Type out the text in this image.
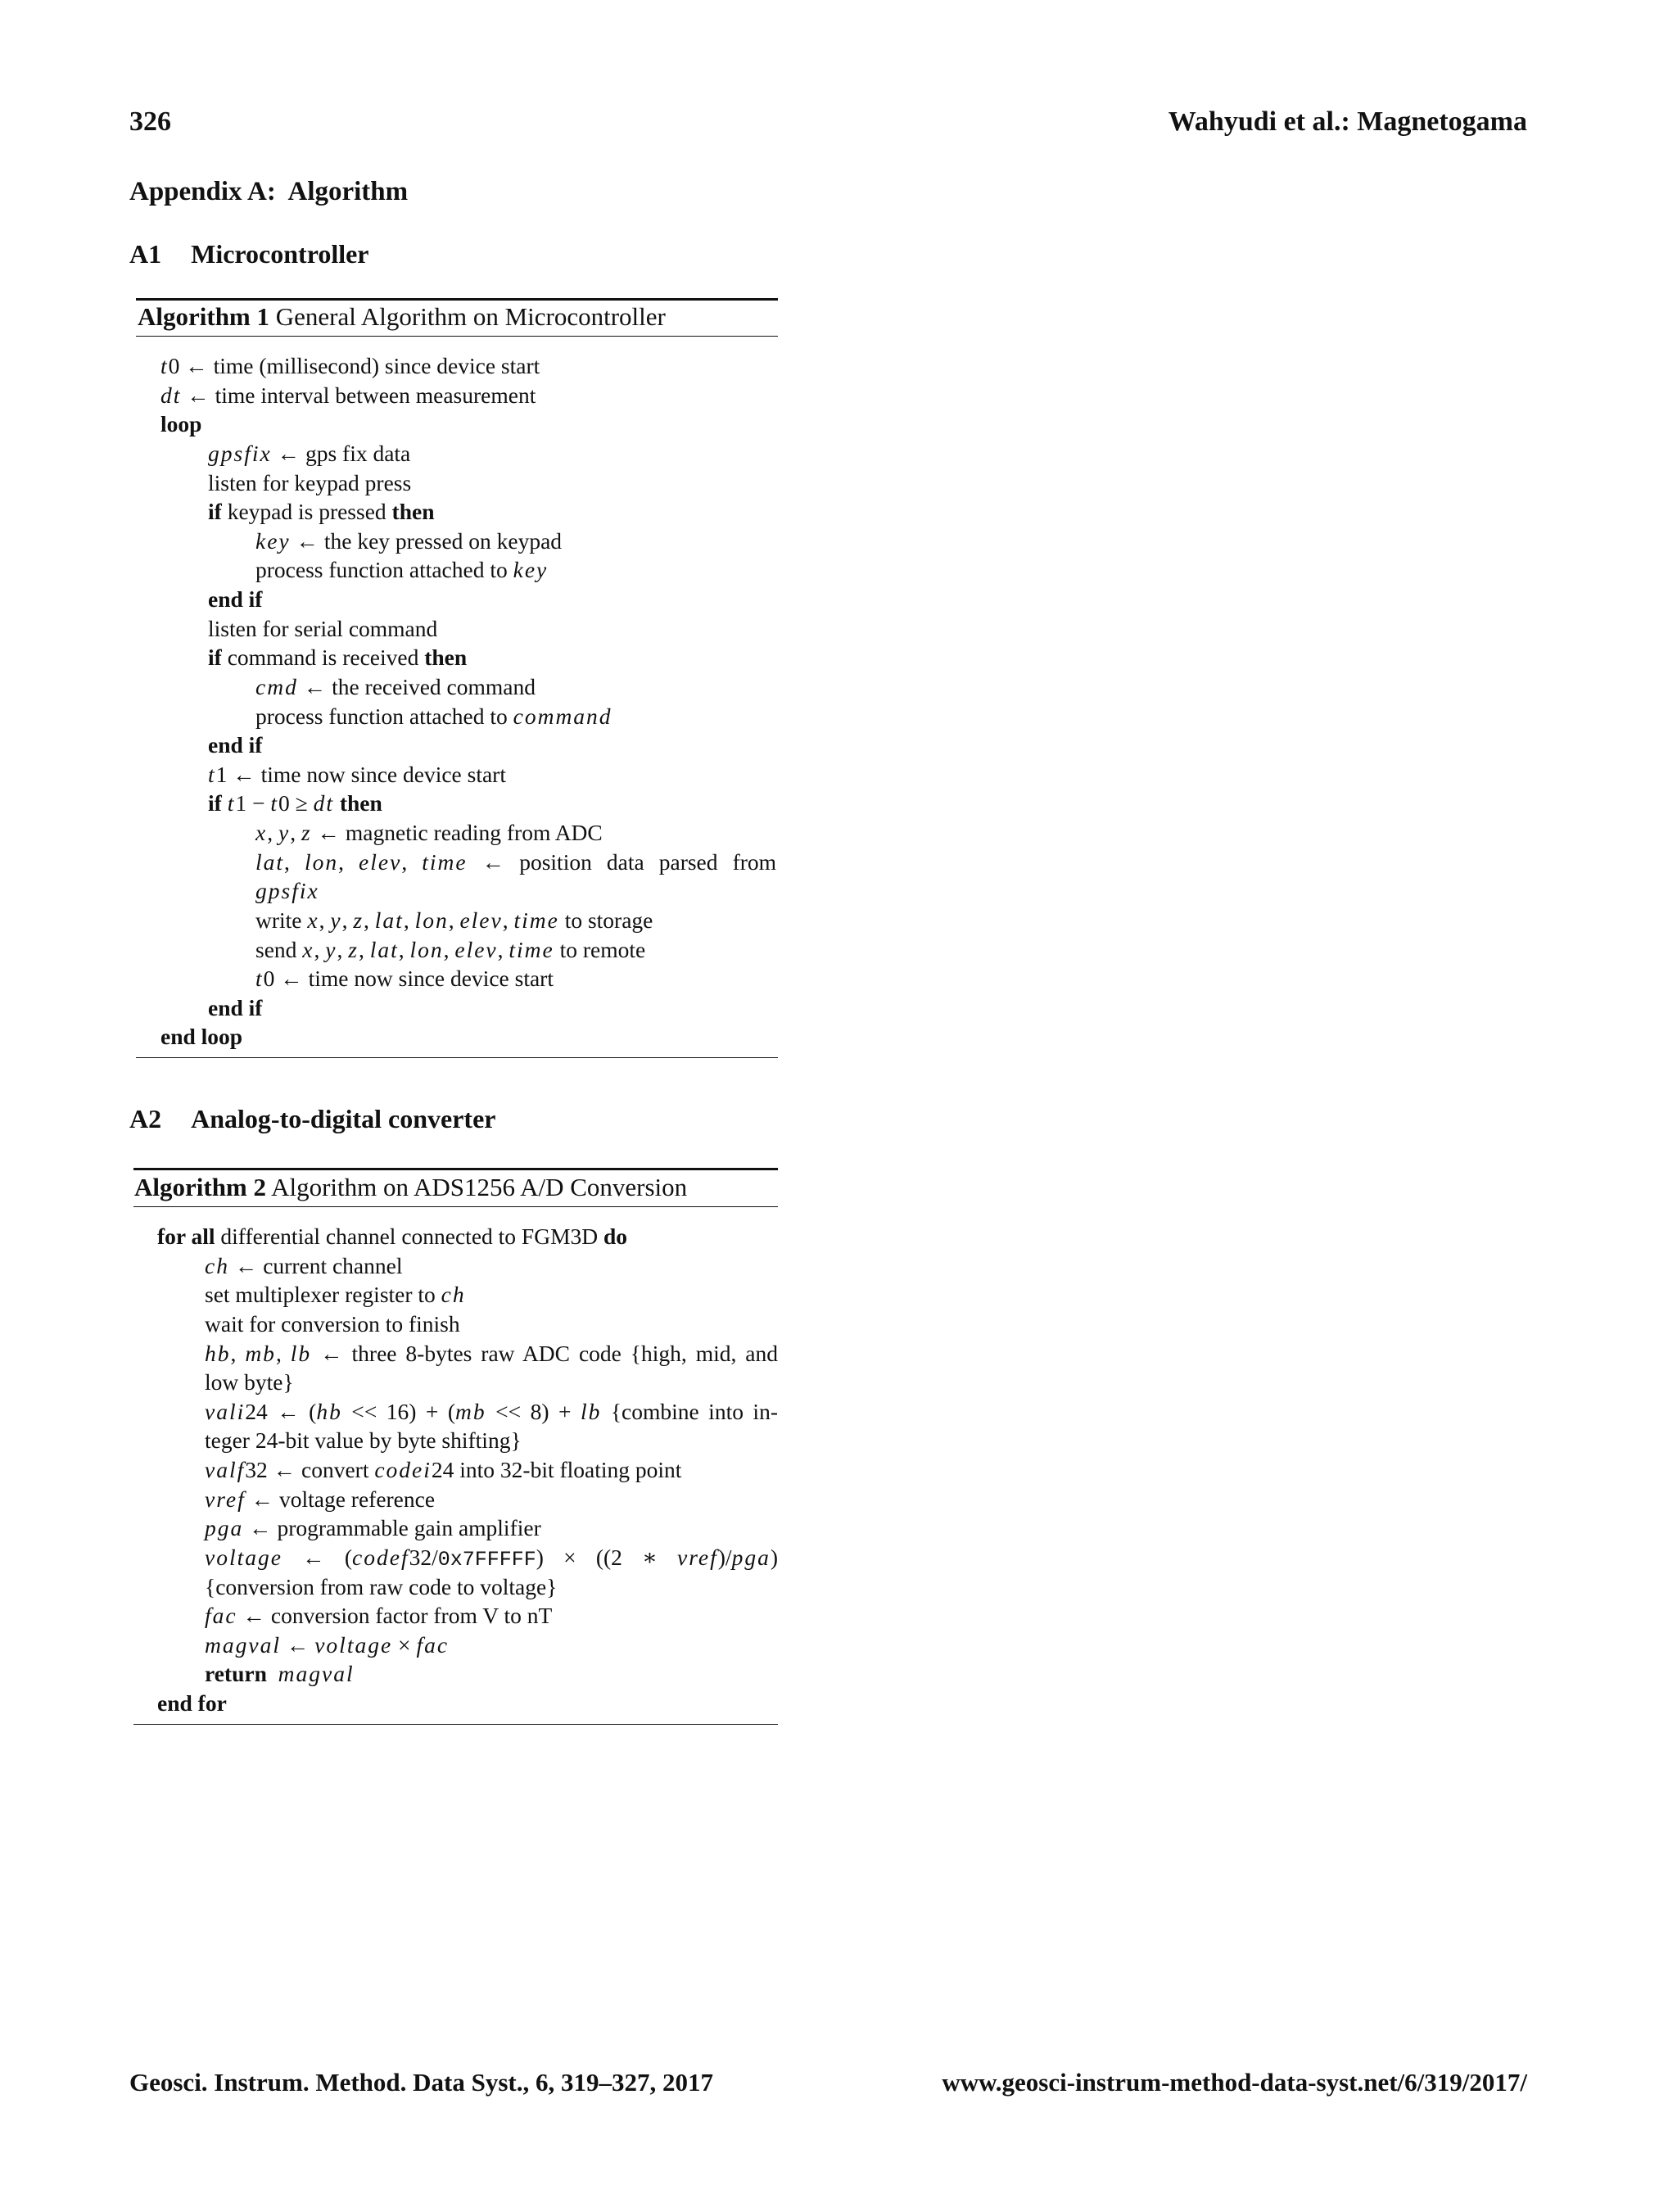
326	Wahyudi et al.: Magnetogama
Appendix A:  Algorithm
A1 Microcontroller
Algorithm 1 General Algorithm on Microcontroller
t0 ← time (millisecond) since device start
dt ← time interval between measurement
loop
gpsfix ← gps fix data
listen for keypad press
if keypad is pressed then
key ← the key pressed on keypad
process function attached to key
end if
listen for serial command
if command is received then
cmd ← the received command
process function attached to command
end if
t1 ← time now since device start
if t1 − t0 ≥ dt then
x, y, z ← magnetic reading from ADC
lat, lon, elev, time ← position data parsed from
gpsfix
write x, y, z, lat, lon, elev, time to storage
send x, y, z, lat, lon, elev, time to remote
t0 ← time now since device start
end if
end loop
A2 Analog-to-digital converter
Algorithm 2 Algorithm on ADS1256 A/D Conversion
for all differential channel connected to FGM3D do
ch ← current channel
set multiplexer register to ch
wait for conversion to finish
hb, mb, lb ← three 8-bytes raw ADC code {high, mid, and
low byte}
vali24 ← (hb << 16) + (mb << 8) + lb {combine into in-
teger 24-bit value by byte shifting}
valf32 ← convert codei24 into 32-bit floating point
vref ← voltage reference
pga ← programmable gain amplifier
voltage ← (codef32/0x7FFFFF) × ((2 ∗ vref)/pga)
{conversion from raw code to voltage}
fac ← conversion factor from V to nT
magval ← voltage × fac
return magval
end for
Geosci. Instrum. Method. Data Syst., 6, 319–327, 2017	www.geosci-instrum-method-data-syst.net/6/319/2017/
